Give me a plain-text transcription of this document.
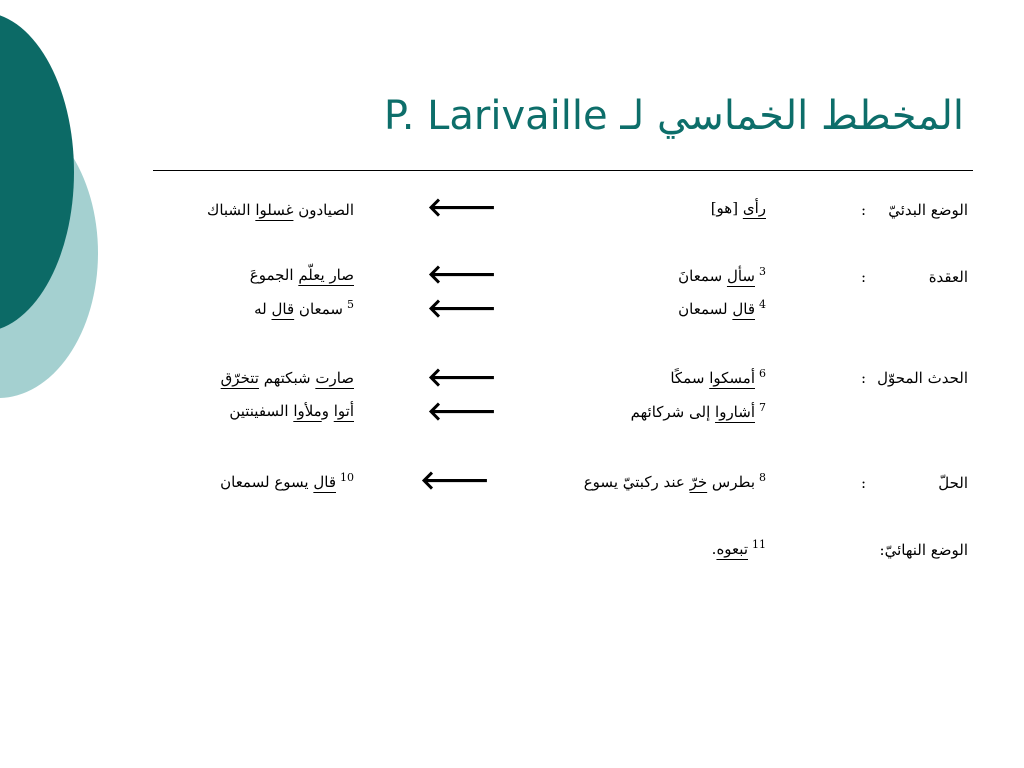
المخطط الخماسي لـ P. Larivaille
الوضع البدئيّ
:
رأى [هو]
🡐
الصيادون غسلوا الشباك
العقدة
:
$^3$سأل سمعانَ
🡐
صار يعلّم الجموعَ
$^4$قال لسمعان
🡐
$^5$سمعان قال له
الحدث المحوّل
:
$^6$أمسكوا سمكًا
🡐
صارت شبكتهم تتخرّق
$^7$أشاروا إلى شركائهم
🡐
أتوا وملأوا السفينتين
الحلّ
:
$^8$بطرس خرّ عند ركبتيّ يسوع
🡐
$^{10}$قال يسوع لسمعان
الوضع النهائيّ:
$^{11}$تبعوه.
